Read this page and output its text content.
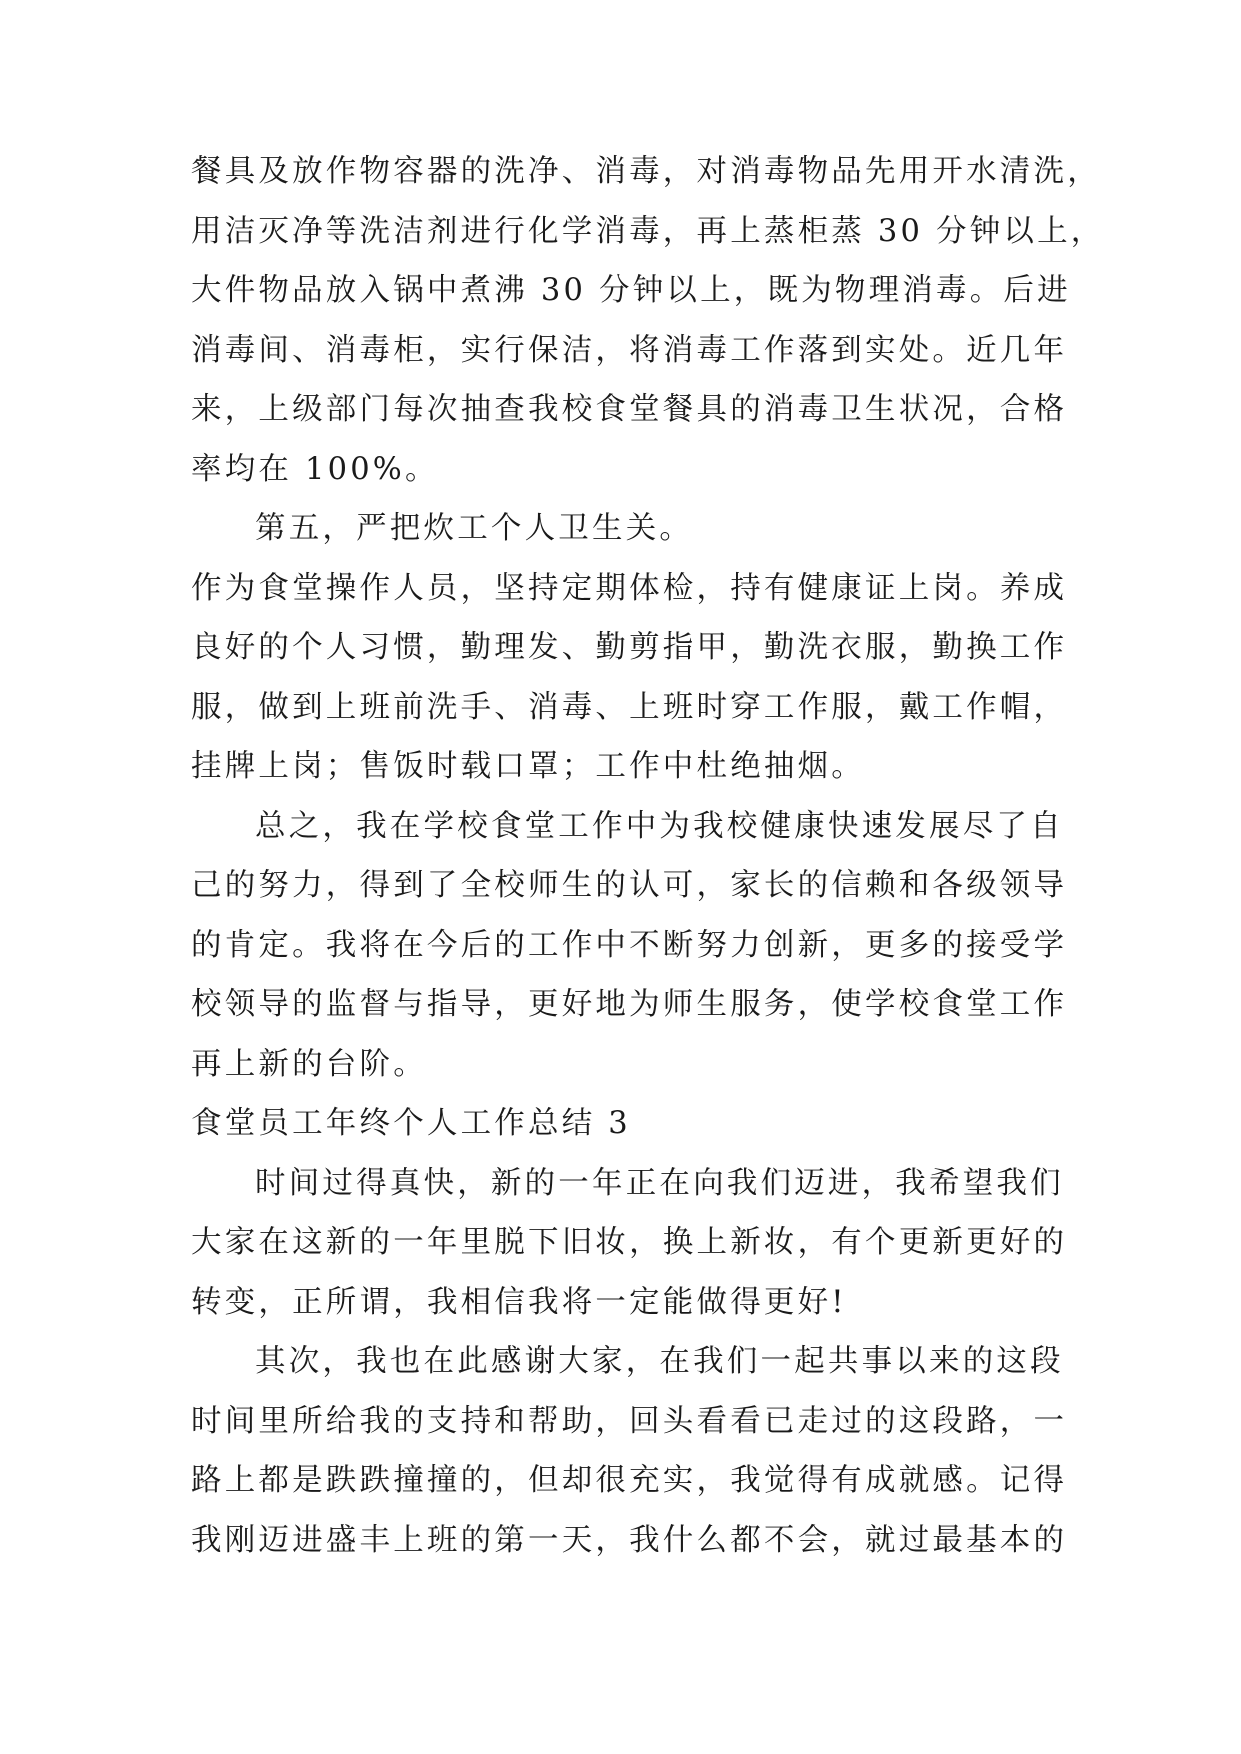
餐具及放作物容器的洗净、消毒，对消毒物品先用开水清洗，
用洁灭净等洗洁剂进行化学消毒，再上蒸柜蒸 30 分钟以上，
大件物品放入锅中煮沸 30 分钟以上，既为物理消毒。后进
消毒间、消毒柜，实行保洁，将消毒工作落到实处。近几年
来，上级部门每次抽查我校食堂餐具的消毒卫生状况，合格
率均在 100%。
第五，严把炊工个人卫生关。
作为食堂操作人员，坚持定期体检，持有健康证上岗。养成
良好的个人习惯，勤理发、勤剪指甲，勤洗衣服，勤换工作
服，做到上班前洗手、消毒、上班时穿工作服，戴工作帽，
挂牌上岗；售饭时载口罩；工作中杜绝抽烟。
总之，我在学校食堂工作中为我校健康快速发展尽了自
己的努力，得到了全校师生的认可，家长的信赖和各级领导
的肯定。我将在今后的工作中不断努力创新，更多的接受学
校领导的监督与指导，更好地为师生服务，使学校食堂工作
再上新的台阶。
食堂员工年终个人工作总结 3
时间过得真快，新的一年正在向我们迈进，我希望我们
大家在这新的一年里脱下旧妆，换上新妆，有个更新更好的
转变，正所谓，我相信我将一定能做得更好!
其次，我也在此感谢大家，在我们一起共事以来的这段
时间里所给我的支持和帮助，回头看看已走过的这段路，一
路上都是跌跌撞撞的，但却很充实，我觉得有成就感。记得
我刚迈进盛丰上班的第一天，我什么都不会，就过最基本的
